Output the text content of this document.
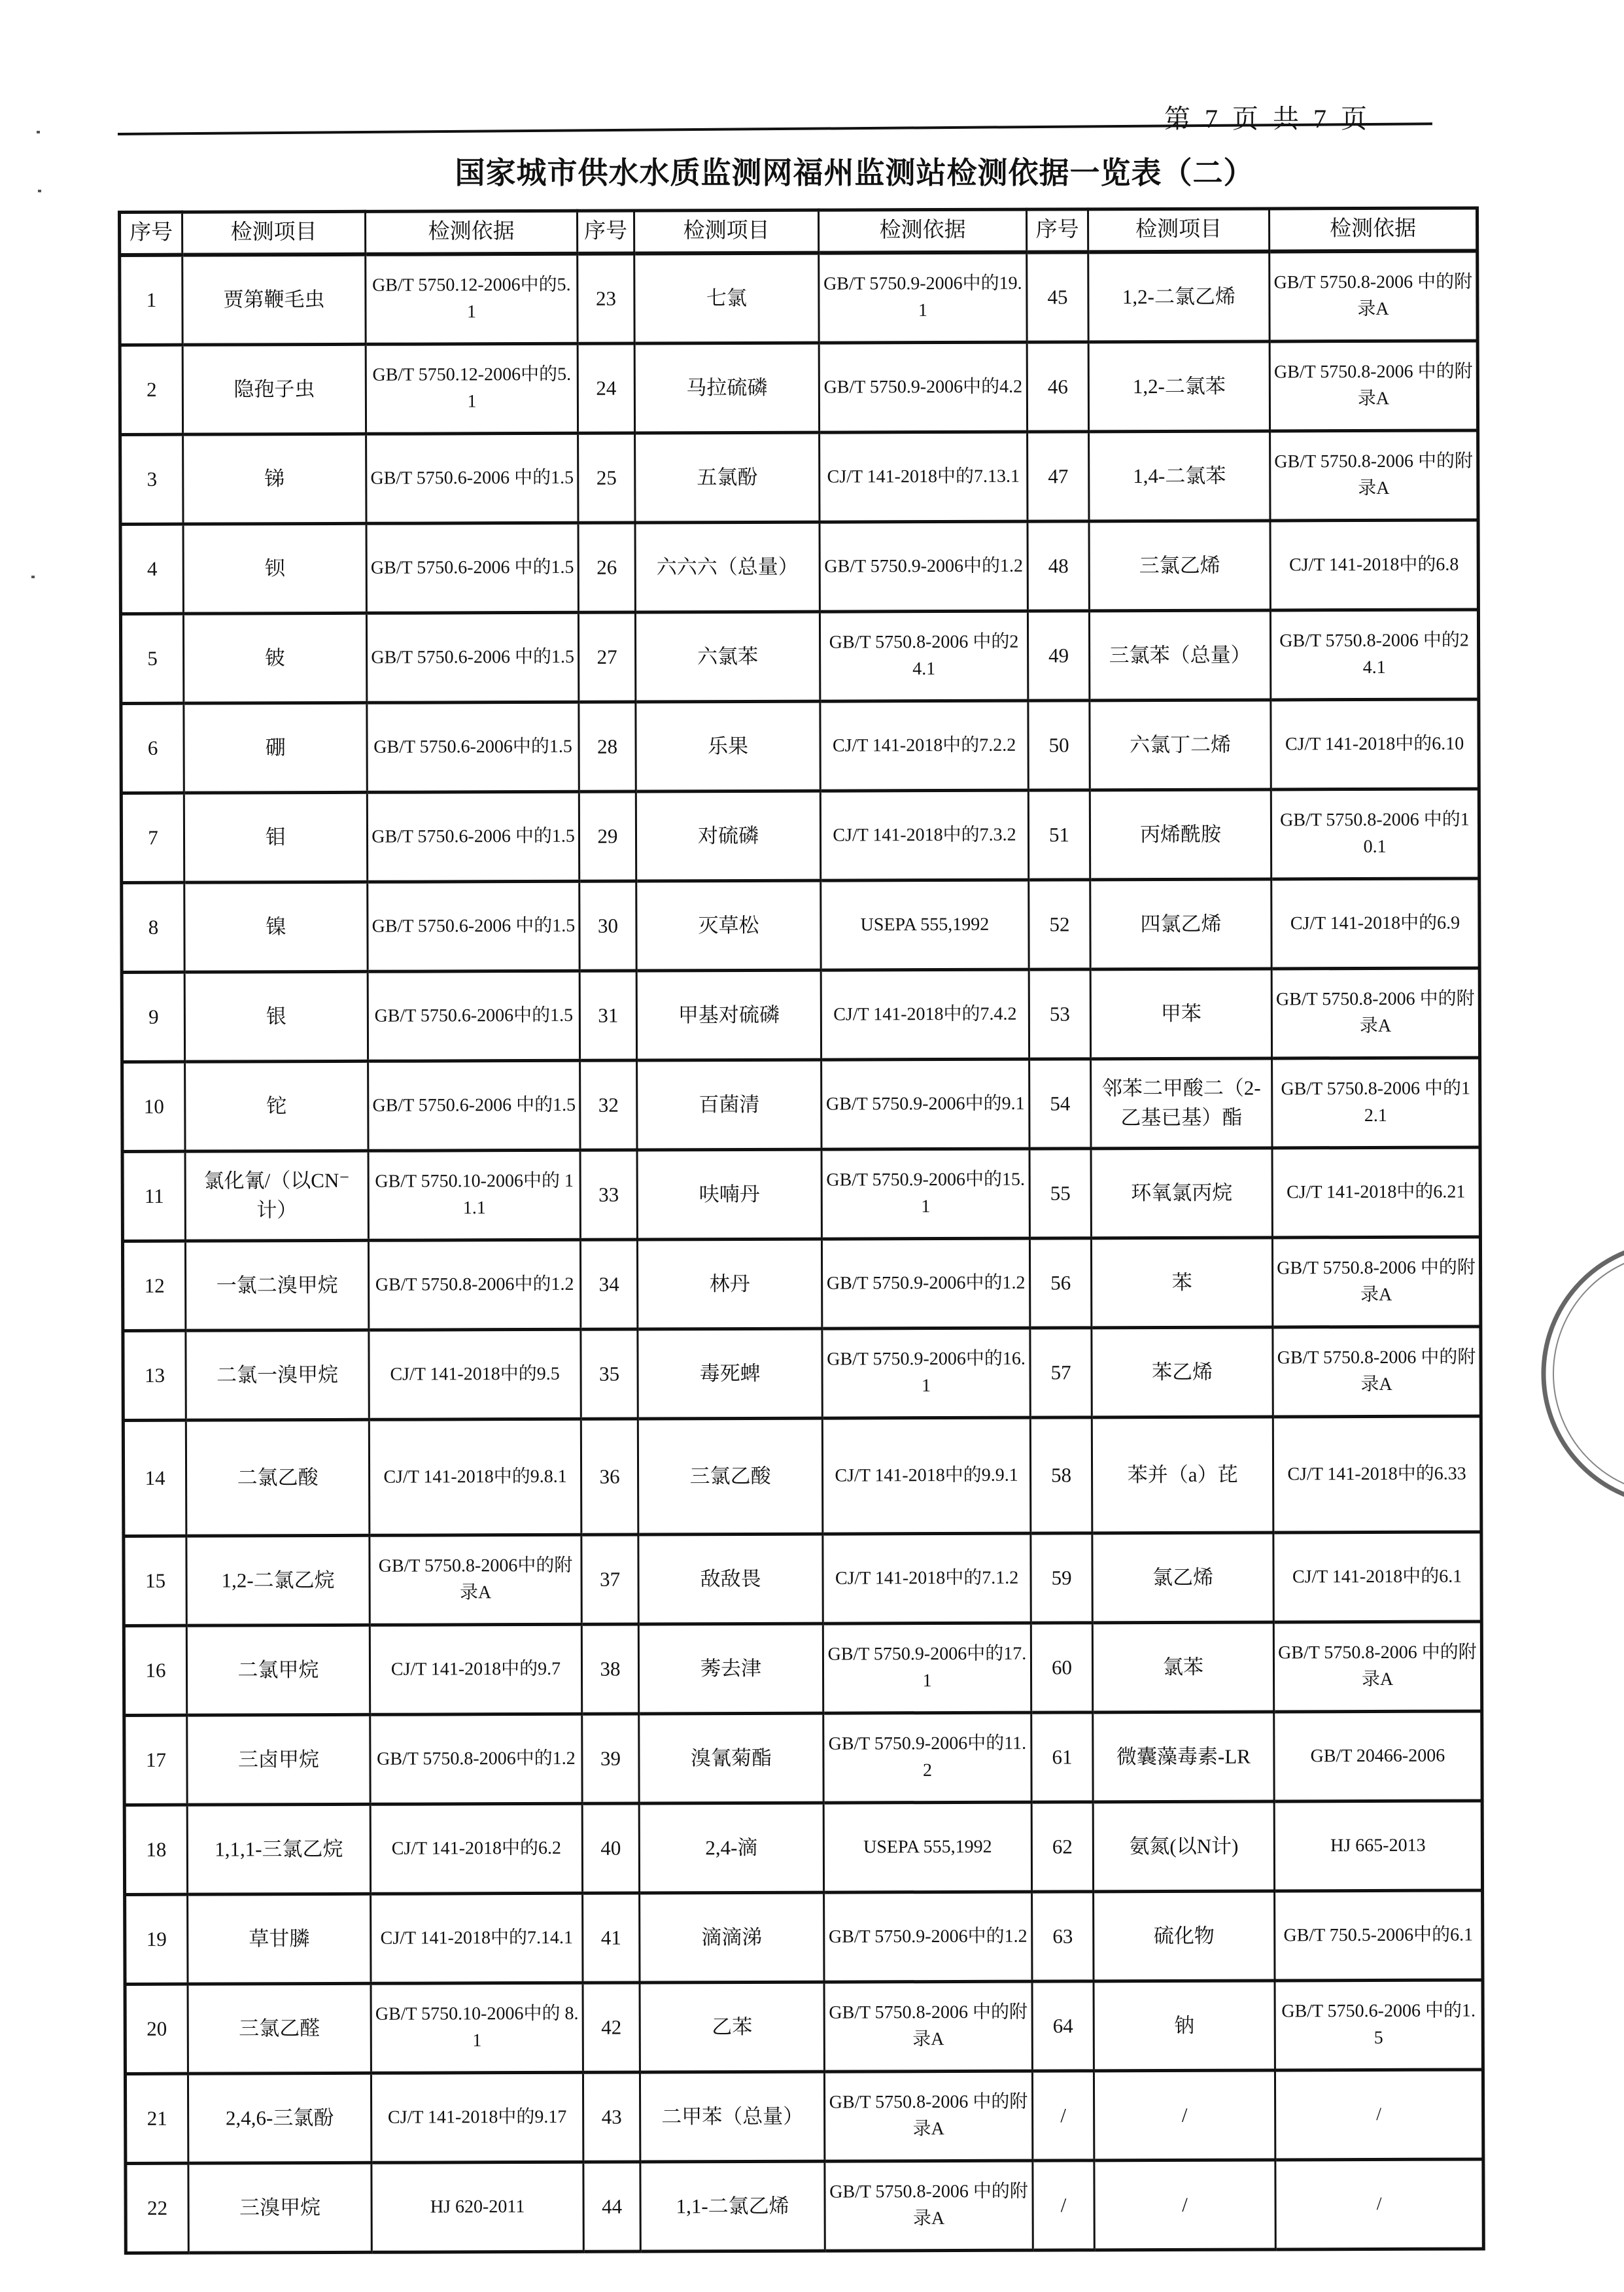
第 7 页 共 7 页
国家城市供水水质监测网福州监测站检测依据一览表（二）
序号	检测项目	检测依据	序号	检测项目	检测依据	序号	检测项目	检测依据
1	贾第鞭毛虫	GB/T 5750.12-2006中的5.1	23	七氯	GB/T 5750.9-2006中的19.1	45	1,2-二氯乙烯	GB/T 5750.8-2006 中的附录A
2	隐孢子虫	GB/T 5750.12-2006中的5.1	24	马拉硫磷	GB/T 5750.9-2006中的4.2	46	1,2-二氯苯	GB/T 5750.8-2006 中的附录A
3	锑	GB/T 5750.6-2006 中的1.5	25	五氯酚	CJ/T 141-2018中的7.13.1	47	1,4-二氯苯	GB/T 5750.8-2006 中的附录A
4	钡	GB/T 5750.6-2006 中的1.5	26	六六六（总量）	GB/T 5750.9-2006中的1.2	48	三氯乙烯	CJ/T 141-2018中的6.8
5	铍	GB/T 5750.6-2006 中的1.5	27	六氯苯	GB/T 5750.8-2006 中的24.1	49	三氯苯（总量）	GB/T 5750.8-2006 中的24.1
6	硼	GB/T 5750.6-2006中的1.5	28	乐果	CJ/T 141-2018中的7.2.2	50	六氯丁二烯	CJ/T 141-2018中的6.10
7	钼	GB/T 5750.6-2006 中的1.5	29	对硫磷	CJ/T 141-2018中的7.3.2	51	丙烯酰胺	GB/T 5750.8-2006 中的10.1
8	镍	GB/T 5750.6-2006 中的1.5	30	灭草松	USEPA 555,1992	52	四氯乙烯	CJ/T 141-2018中的6.9
9	银	GB/T 5750.6-2006中的1.5	31	甲基对硫磷	CJ/T 141-2018中的7.4.2	53	甲苯	GB/T 5750.8-2006 中的附录A
10	铊	GB/T 5750.6-2006 中的1.5	32	百菌清	GB/T 5750.9-2006中的9.1	54	邻苯二甲酸二（2-乙基已基）酯	GB/T 5750.8-2006 中的12.1
11	氯化氰/（以CN⁻计）	GB/T 5750.10-2006中的 11.1	33	呋喃丹	GB/T 5750.9-2006中的15.1	55	环氧氯丙烷	CJ/T 141-2018中的6.21
12	一氯二溴甲烷	GB/T 5750.8-2006中的1.2	34	林丹	GB/T 5750.9-2006中的1.2	56	苯	GB/T 5750.8-2006 中的附录A
13	二氯一溴甲烷	CJ/T 141-2018中的9.5	35	毒死蜱	GB/T 5750.9-2006中的16.1	57	苯乙烯	GB/T 5750.8-2006 中的附录A
14	二氯乙酸	CJ/T 141-2018中的9.8.1	36	三氯乙酸	CJ/T 141-2018中的9.9.1	58	苯并（a）芘	CJ/T 141-2018中的6.33
15	1,2-二氯乙烷	GB/T 5750.8-2006中的附录A	37	敌敌畏	CJ/T 141-2018中的7.1.2	59	氯乙烯	CJ/T 141-2018中的6.1
16	二氯甲烷	CJ/T 141-2018中的9.7	38	莠去津	GB/T 5750.9-2006中的17.1	60	氯苯	GB/T 5750.8-2006 中的附录A
17	三卤甲烷	GB/T 5750.8-2006中的1.2	39	溴氰菊酯	GB/T 5750.9-2006中的11.2	61	微囊藻毒素-LR	GB/T 20466-2006
18	1,1,1-三氯乙烷	CJ/T 141-2018中的6.2	40	2,4-滴	USEPA 555,1992	62	氨氮(以N计)	HJ 665-2013
19	草甘膦	CJ/T 141-2018中的7.14.1	41	滴滴涕	GB/T 5750.9-2006中的1.2	63	硫化物	GB/T 750.5-2006中的6.1
20	三氯乙醛	GB/T 5750.10-2006中的 8.1	42	乙苯	GB/T 5750.8-2006 中的附录A	64	钠	GB/T 5750.6-2006 中的1.5
21	2,4,6-三氯酚	CJ/T 141-2018中的9.17	43	二甲苯（总量）	GB/T 5750.8-2006 中的附录A	/	/	/
22	三溴甲烷	HJ 620-2011	44	1,1-二氯乙烯	GB/T 5750.8-2006 中的附录A	/	/	/
